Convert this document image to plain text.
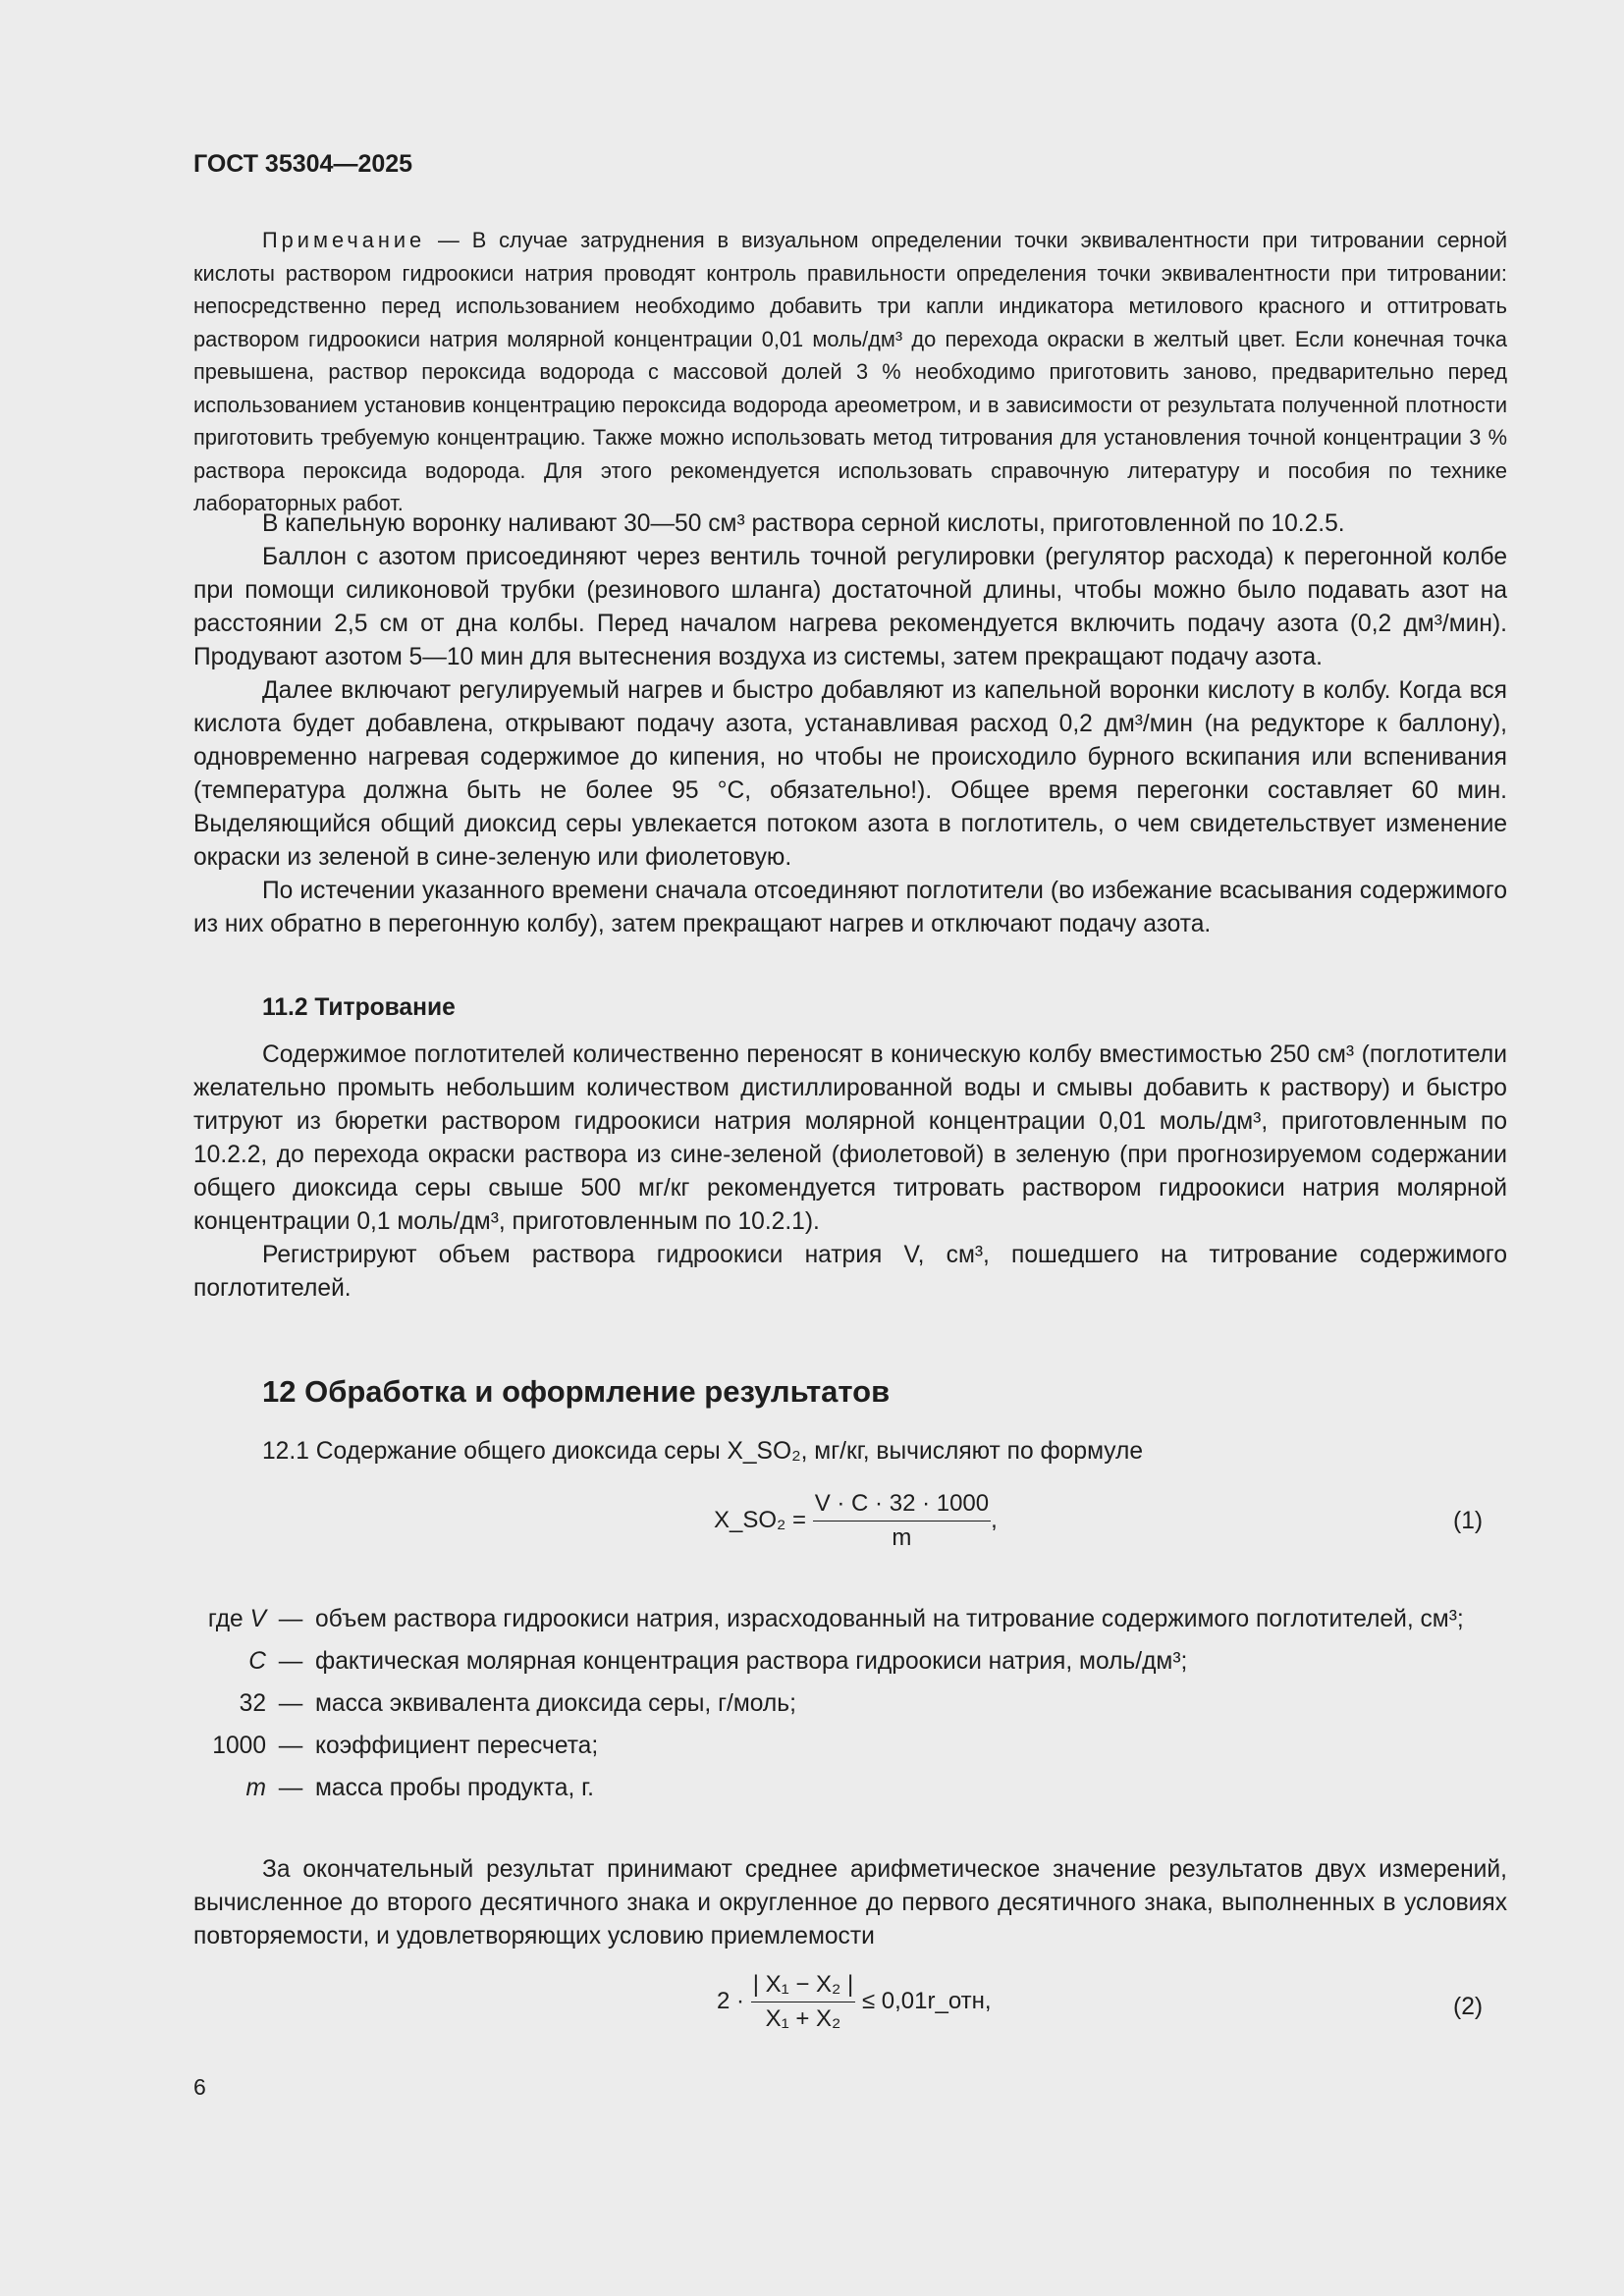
ГОСТ 35304—2025
Примечание — В случае затруднения в визуальном определении точки эквивалентности при титровании серной кислоты раствором гидроокиси натрия проводят контроль правильности определения точки эквивалентности при титровании: непосредственно перед использованием необходимо добавить три капли индикатора метилового красного и оттитровать раствором гидроокиси натрия молярной концентрации 0,01 моль/дм³ до перехода окраски в желтый цвет. Если конечная точка превышена, раствор пероксида водорода с массовой долей 3 % необходимо приготовить заново, предварительно перед использованием установив концентрацию пероксида водорода ареометром, и в зависимости от результата полученной плотности приготовить требуемую концентрацию. Также можно использовать метод титрования для установления точной концентрации 3 % раствора пероксида водорода. Для этого рекомендуется использовать справочную литературу и пособия по технике лабораторных работ.

В капельную воронку наливают 30—50 см³ раствора серной кислоты, приготовленной по 10.2.5.

Баллон с азотом присоединяют через вентиль точной регулировки (регулятор расхода) к перегонной колбе при помощи силиконовой трубки (резинового шланга) достаточной длины, чтобы можно было подавать азот на расстоянии 2,5 см от дна колбы. Перед началом нагрева рекомендуется включить подачу азота (0,2 дм³/мин). Продувают азотом 5—10 мин для вытеснения воздуха из системы, затем прекращают подачу азота.

Далее включают регулируемый нагрев и быстро добавляют из капельной воронки кислоту в колбу. Когда вся кислота будет добавлена, открывают подачу азота, устанавливая расход 0,2 дм³/мин (на редукторе к баллону), одновременно нагревая содержимое до кипения, но чтобы не происходило бурного вскипания или вспенивания (температура должна быть не более 95 °С, обязательно!). Общее время перегонки составляет 60 мин. Выделяющийся общий диоксид серы увлекается потоком азота в поглотитель, о чем свидетельствует изменение окраски из зеленой в сине-зеленую или фиолетовую.

По истечении указанного времени сначала отсоединяют поглотители (во избежание всасывания содержимого из них обратно в перегонную колбу), затем прекращают нагрев и отключают подачу азота.

11.2 Титрование

Содержимое поглотителей количественно переносят в коническую колбу вместимостью 250 см³ (поглотители желательно промыть небольшим количеством дистиллированной воды и смывы добавить к раствору) и быстро титруют из бюретки раствором гидроокиси натрия молярной концентрации 0,01 моль/дм³, приготовленным по 10.2.2, до перехода окраски раствора из сине-зеленой (фиолетовой) в зеленую (при прогнозируемом содержании общего диоксида серы свыше 500 мг/кг рекомендуется титровать раствором гидроокиси натрия молярной концентрации 0,1 моль/дм³, приготовленным по 10.2.1).

Регистрируют объем раствора гидроокиси натрия V, см³, пошедшего на титрование содержимого поглотителей.

12 Обработка и оформление результатов
12.1 Содержание общего диоксида серы X_SO₂, мг/кг, вычисляют по формуле
X_SO₂ = $\frac{V \cdot C \cdot 32 \cdot 1000}{m}$ ,	(1)
где V — объем раствора гидроокиси натрия, израсходованный на титрование содержимого поглотителей, см³;
C — фактическая молярная концентрация раствора гидроокиси натрия, моль/дм³;
32 — масса эквивалента диоксида серы, г/моль;
1000 — коэффициент пересчета;
m — масса пробы продукта, г.

За окончательный результат принимают среднее арифметическое значение результатов двух измерений, вычисленное до второго десятичного знака и округленное до первого десятичного знака, выполненных в условиях повторяемости, и удовлетворяющих условию приемлемости

$2 \cdot \frac{\text{| X₁ − X₂ |}}{\text{X₁ + X₂}}$ ≤ 0,01r_отн,	(2)
6
